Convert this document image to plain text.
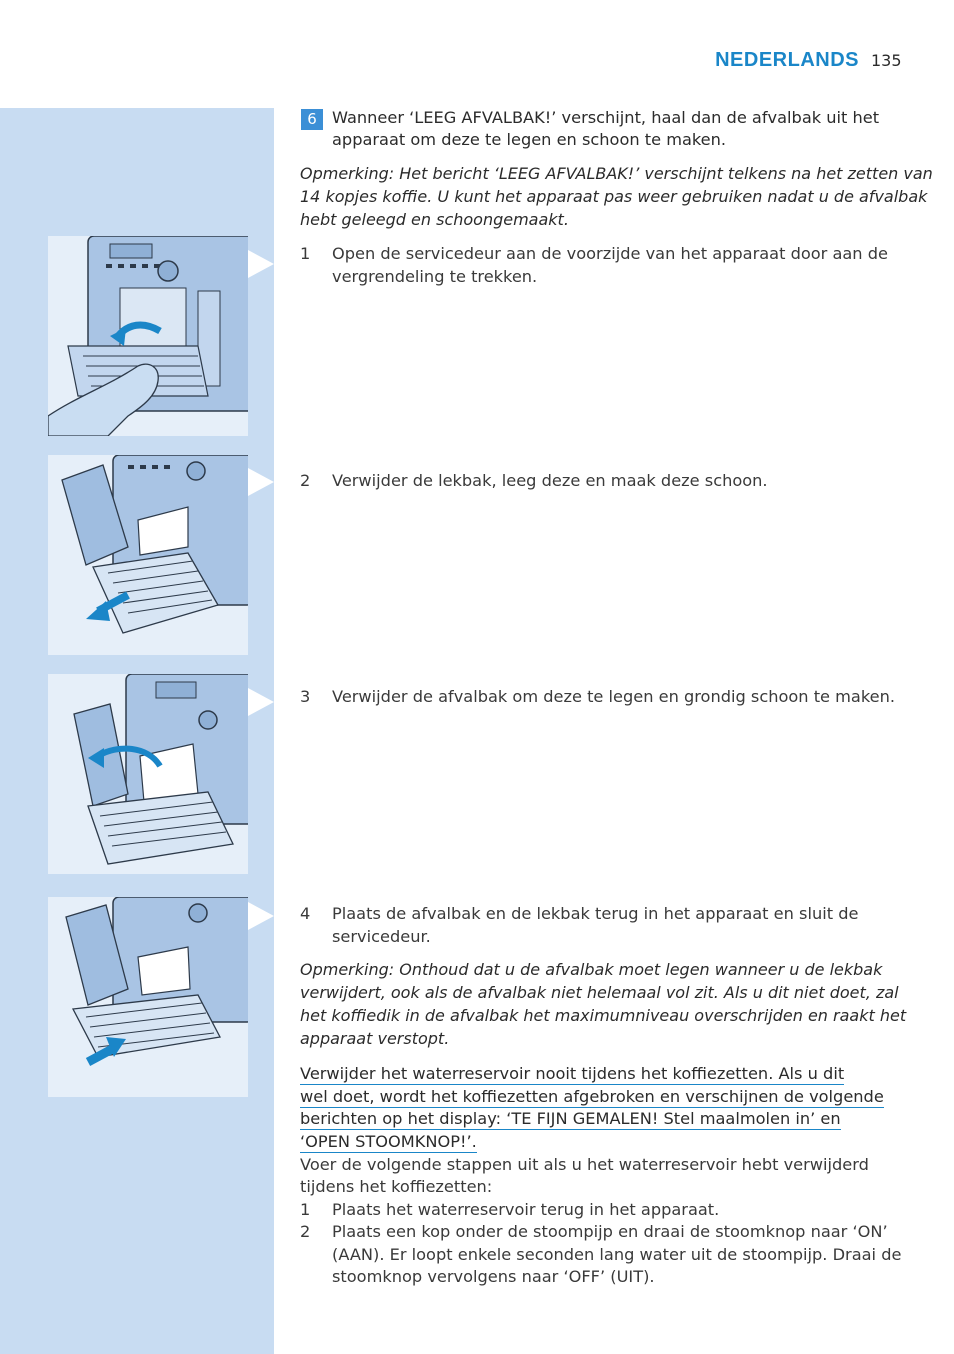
NEDERLANDS 135
6 Wanneer ‘LEEG AFVALBAK!’ verschijnt, haal dan de afvalbak uit het
apparaat om deze te legen en schoon te maken.
Opmerking: Het bericht ‘LEEG AFVALBAK!’ verschijnt telkens na het zetten van
14 kopjes koffie. U kunt het apparaat pas weer gebruiken nadat u de afvalbak
hebt geleegd en schoongemaakt.
1 Open de servicedeur aan de voorzijde van het apparaat door aan de
vergrendeling te trekken.
2 Verwijder de lekbak, leeg deze en maak deze schoon.
3 Verwijder de afvalbak om deze te legen en grondig schoon te maken.
4 Plaats de afvalbak en de lekbak terug in het apparaat en sluit de
servicedeur.
Opmerking: Onthoud dat u de afvalbak moet legen wanneer u de lekbak
verwijdert, ook als de afvalbak niet helemaal vol zit. Als u dit niet doet, zal
het koffiedik in de afvalbak het maximumniveau overschrijden en raakt het
apparaat verstopt.
Verwijder het waterreservoir nooit tijdens het koffiezetten. Als u dit
wel doet, wordt het koffiezetten afgebroken en verschijnen de volgende
berichten op het display: ‘TE FIJN GEMALEN! Stel maalmolen in’ en
‘OPEN STOOMKNOP!’.
Voer de volgende stappen uit als u het waterreservoir hebt verwijderd
tijdens het koffiezetten:
1 Plaats het waterreservoir terug in het apparaat.
2 Plaats een kop onder de stoompijp en draai de stoomknop naar ‘ON’
(AAN). Er loopt enkele seconden lang water uit de stoompijp. Draai de
stoomknop vervolgens naar ‘OFF’ (UIT).
